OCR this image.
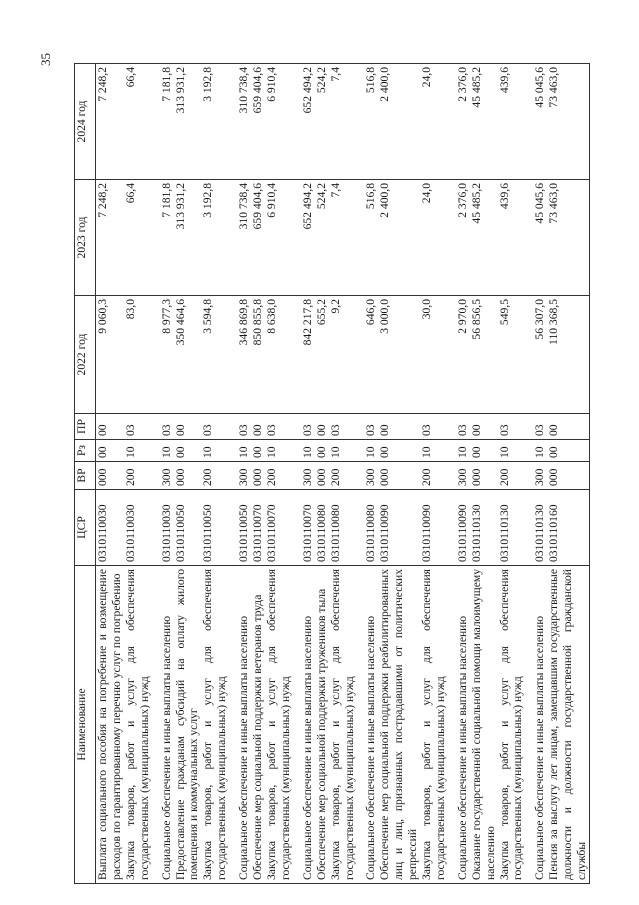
35
Наименование	ЦСР	ВР	Рз	ПР	2022 год	2023 год	2024 год
Выплата социального пособия на погребение и возмещение расходов по гарантированному перечню услуг по погребению	0310110030	000	00	00	9 060,3	7 248,2	7 248,2
Закупка товаров, работ и услуг для обеспечения государственных (муниципальных) нужд	0310110030	200	10	03	83,0	66,4	66,4

Социальное обеспечение и иные выплаты населению	0310110030	300	10	03	8 977,3	7 181,8	7 181,8
Предоставление гражданам субсидий на оплату жилого помещения и коммунальных услуг	0310110050	000	00	00	350 464,6	313 931,2	313 931,2
Закупка товаров, работ и услуг для обеспечения государственных (муниципальных) нужд	0310110050	200	10	03	3 594,8	3 192,8	3 192,8

Социальное обеспечение и иные выплаты населению	0310110050	300	10	03	346 869,8	310 738,4	310 738,4
Обеспечение мер социальной поддержки ветеранов труда	0310110070	000	00	00	850 855,8	659 404,6	659 404,6
Закупка товаров, работ и услуг для обеспечения государственных (муниципальных) нужд	0310110070	200	10	03	8 638,0	6 910,4	6 910,4

Социальное обеспечение и иные выплаты населению	0310110070	300	10	03	842 217,8	652 494,2	652 494,2
Обеспечение мер социальной поддержки тружеников тыла	0310110080	000	00	00	655,2	524,2	524,2
Закупка товаров, работ и услуг для обеспечения государственных (муниципальных) нужд	0310110080	200	10	03	9,2	7,4	7,4

Социальное обеспечение и иные выплаты населению	0310110080	300	10	03	646,0	516,8	516,8
Обеспечение мер социальной поддержки реабилитированных лиц и лиц, признанных пострадавшими от политических репрессий	0310110090	000	00	00	3 000,0	2 400,0	2 400,0
Закупка товаров, работ и услуг для обеспечения государственных (муниципальных) нужд	0310110090	200	10	03	30,0	24,0	24,0

Социальное обеспечение и иные выплаты населению	0310110090	300	10	03	2 970,0	2 376,0	2 376,0
Оказание государственной социальной помощи малоимущему населению	0310110130	000	00	00	56 856,5	45 485,2	45 485,2
Закупка товаров, работ и услуг для обеспечения государственных (муниципальных) нужд	0310110130	200	10	03	549,5	439,6	439,6

Социальное обеспечение и иные выплаты населению	0310110130	300	10	03	56 307,0	45 045,6	45 045,6
Пенсия за выслугу лет лицам, замещавшим государственные должности и должности государственной гражданской службы	0310110160	000	00	00	110 368,5	73 463,0	73 463,0
